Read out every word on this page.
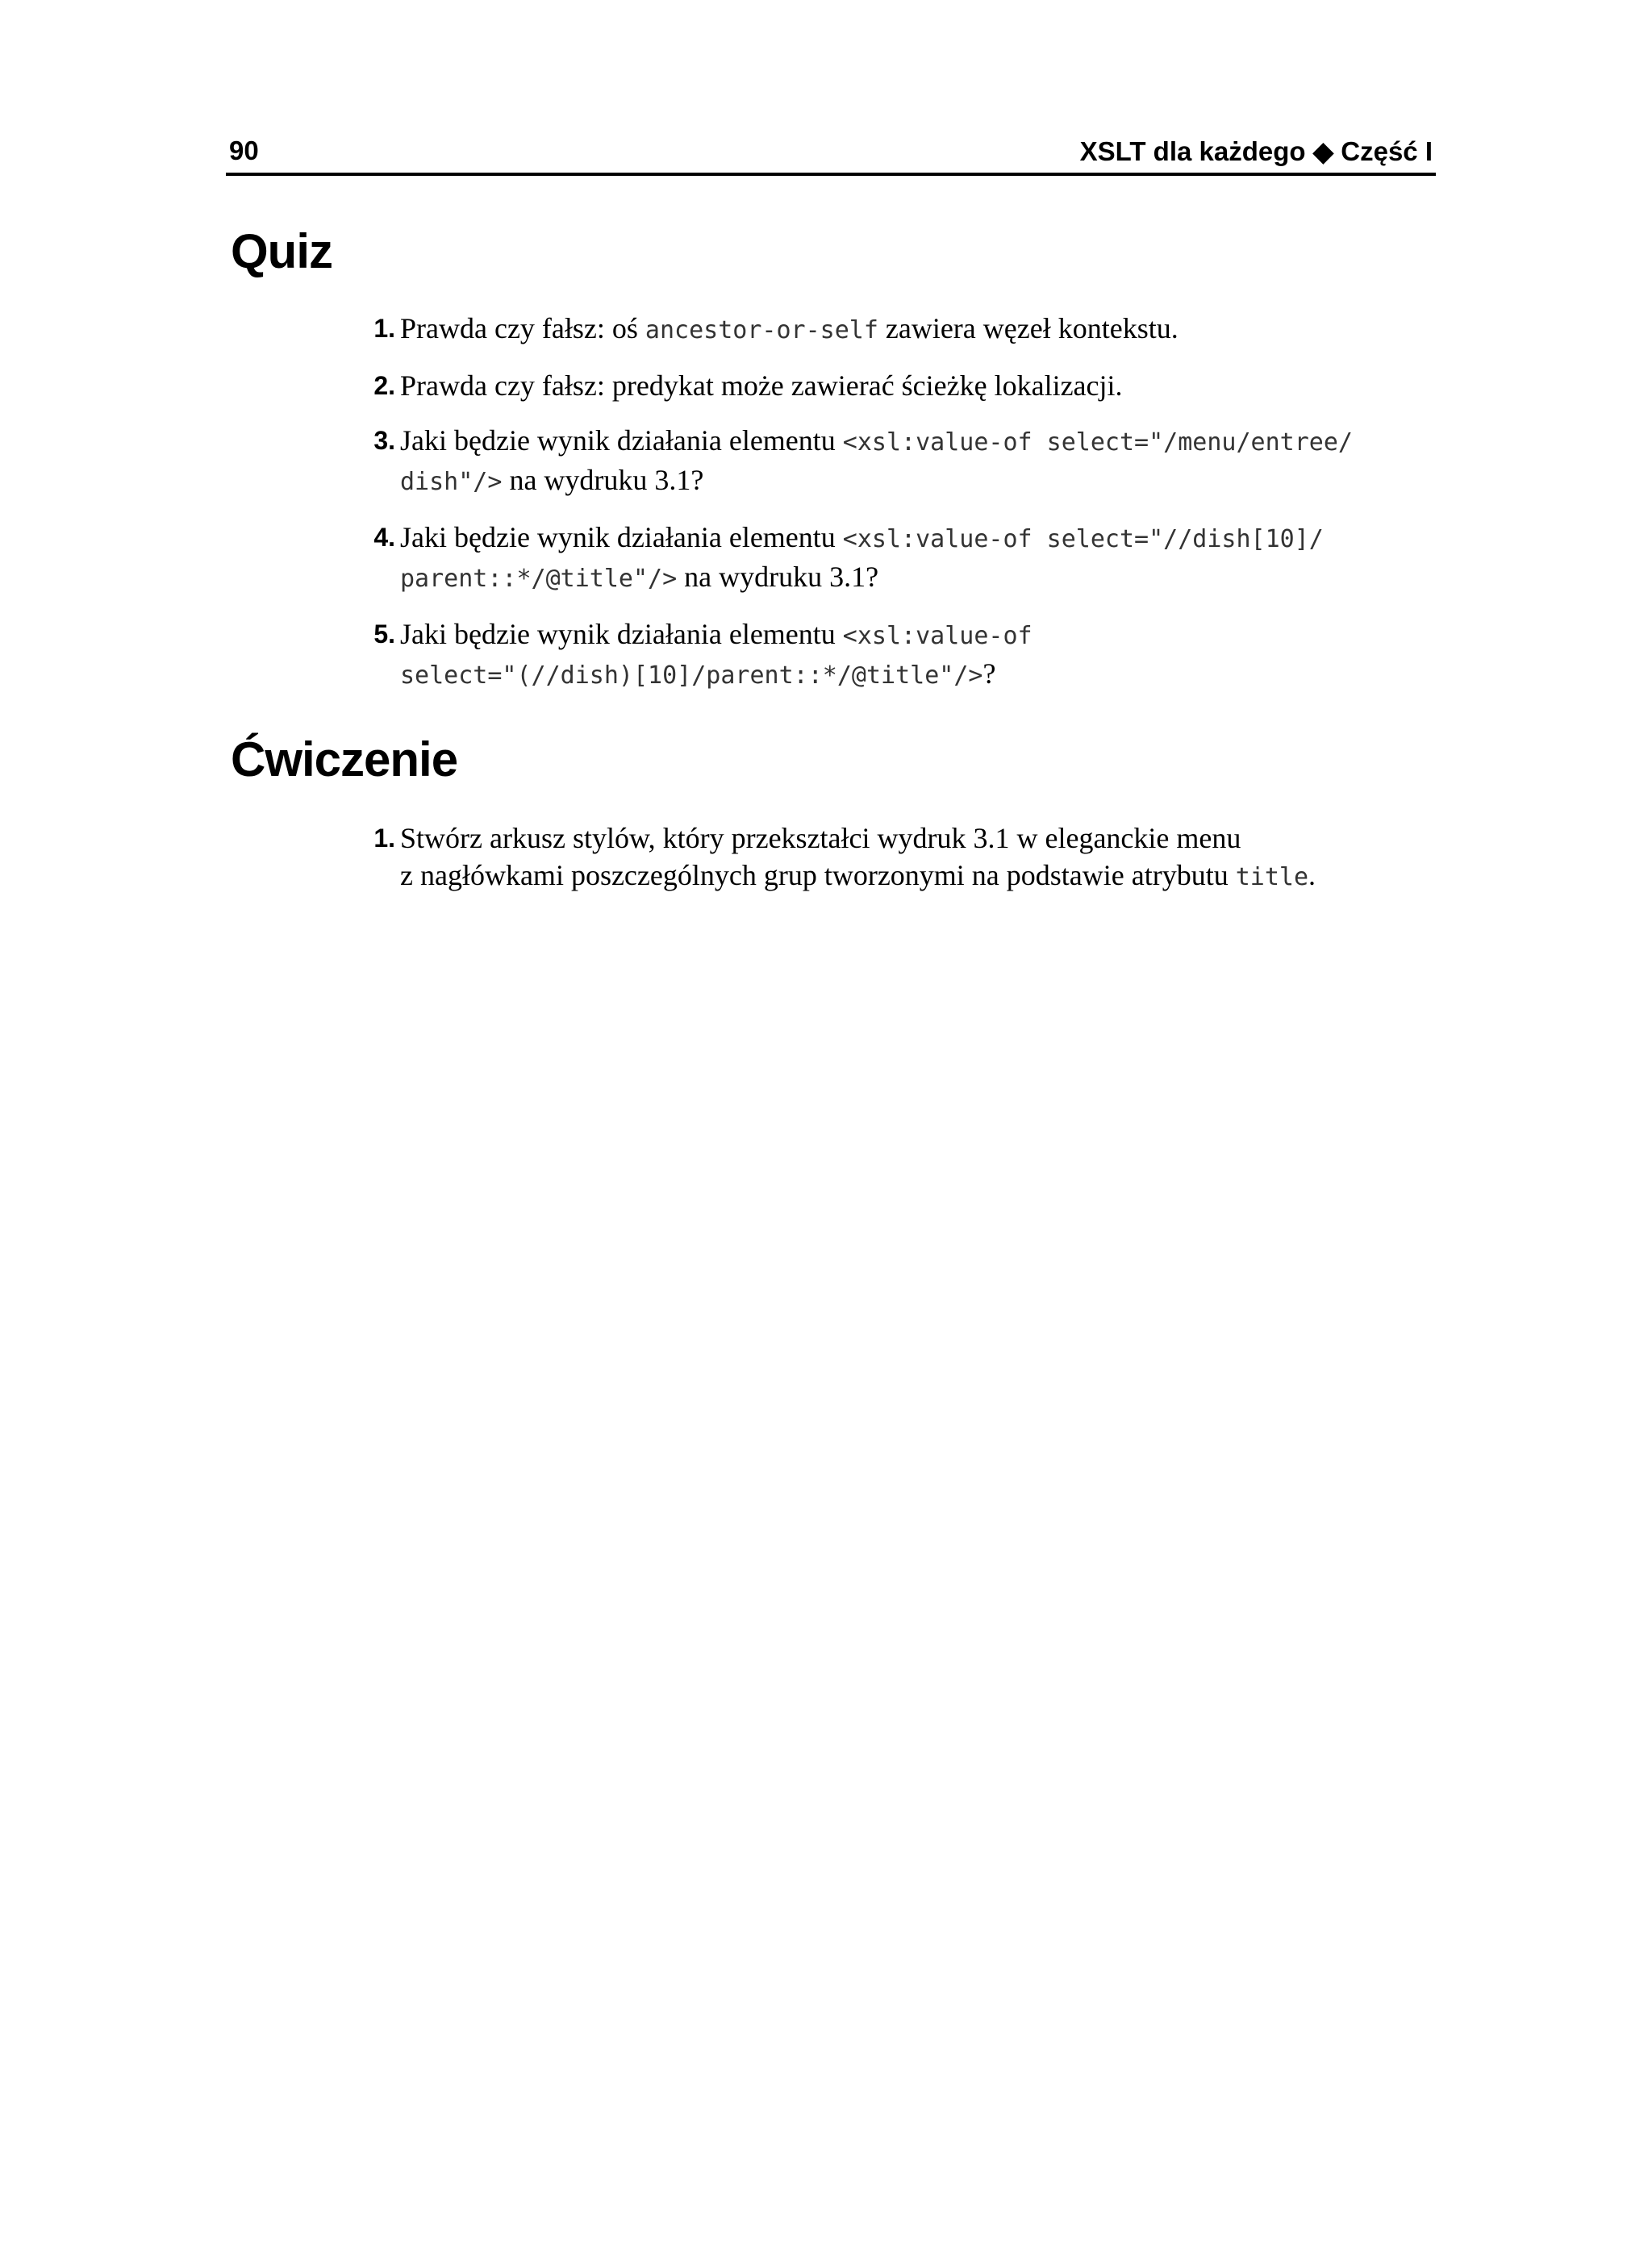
90	XSLT dla każdego ◆ Część I
Quiz
1. Prawda czy fałsz: oś ancestor-or-self zawiera węzeł kontekstu.
2. Prawda czy fałsz: predykat może zawierać ścieżkę lokalizacji.
3. Jaki będzie wynik działania elementu <xsl:value-of select="/menu/entree/
dish"/> na wydruku 3.1?
4. Jaki będzie wynik działania elementu <xsl:value-of select="//dish[10]/
parent::*/@title"/> na wydruku 3.1?
5. Jaki będzie wynik działania elementu <xsl:value-of
select="(//dish)[10]/parent::*/@title"/>?
Ćwiczenie
1. Stwórz arkusz stylów, który przekształci wydruk 3.1 w eleganckie menu
z nagłówkami poszczególnych grup tworzonymi na podstawie atrybutu title.
